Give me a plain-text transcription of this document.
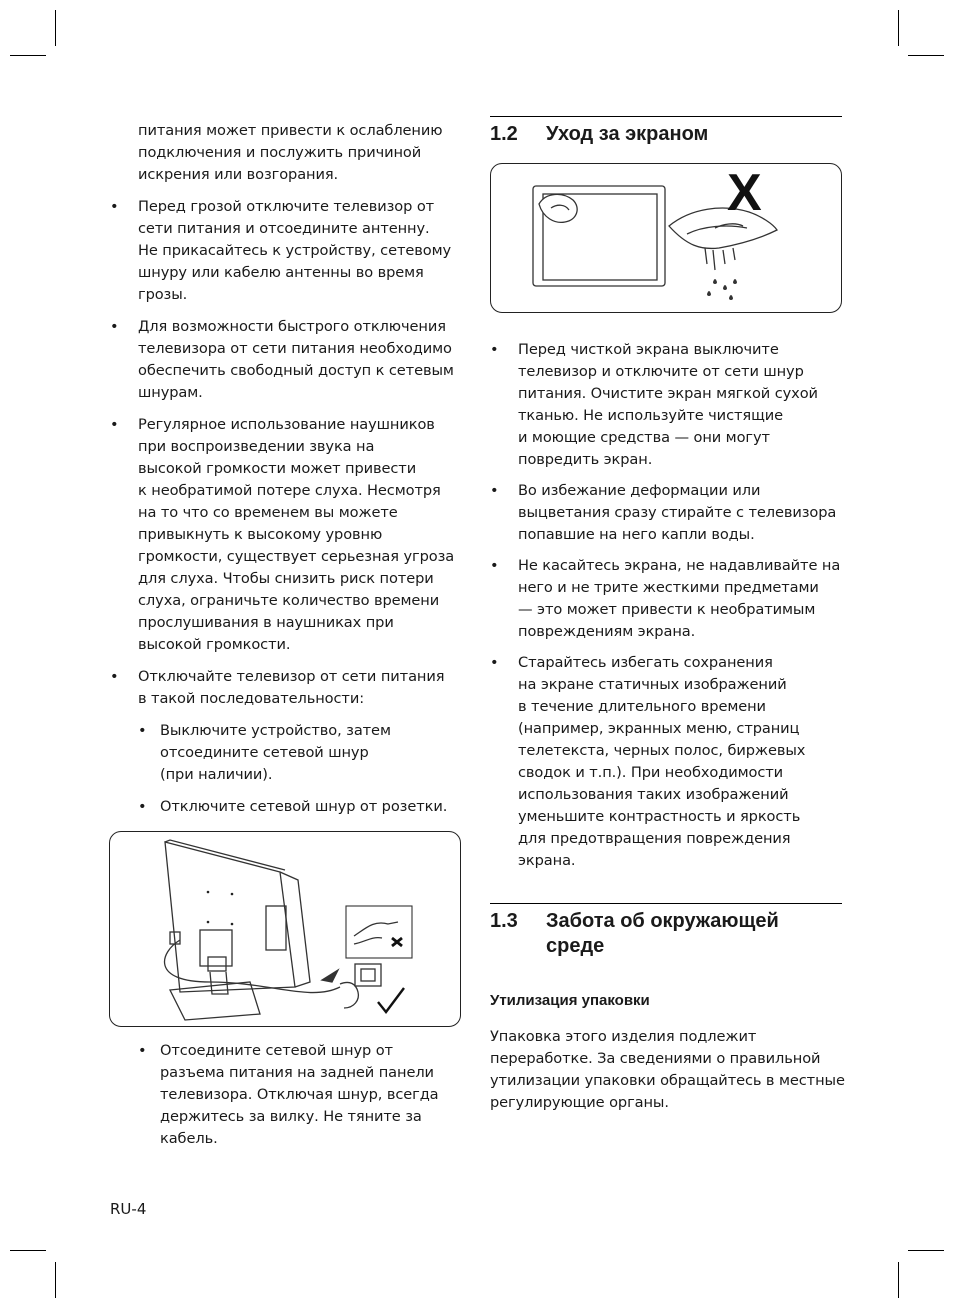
питания может привести к ослаблению
подключения и послужить причиной
искрения или возгорания.
• Перед грозой отключите телевизор от
сети питания и отсоедините антенну.
Не прикасайтесь к устройству, сетевому
шнуру или кабелю антенны во время
грозы.
• Для возможности быстрого отключения
телевизора от сети питания необходимо
обеспечить свободный доступ к сетевым
шнурам.
• Регулярное использование наушников
при воспроизведении звука на
высокой громкости может привести
к необратимой потере слуха. Несмотря
на то что со временем вы можете
привыкнуть к высокому уровню
громкости, существует серьезная угроза
для слуха. Чтобы снизить риск потери
слуха, ограничьте количество времени
прослушивания в наушниках при
высокой громкости.
• Отключайте телевизор от сети питания
в такой последовательности:
• Выключите устройство, затем
отсоедините сетевой шнур
(при наличии).
• Отключите сетевой шнур от розетки.
• Отсоедините сетевой шнур от
разъема питания на задней панели
телевизора. Отключая шнур, всегда
держитесь за вилку. Не тяните за
кабель.
1.2 Уход за экраном
X
• Перед чисткой экрана выключите
телевизор и отключите от сети шнур
питания. Очистите экран мягкой сухой
тканью. Не используйте чистящие
и моющие средства — они могут
повредить экран.
• Во избежание деформации или
выцветания сразу стирайте с телевизора
попавшие на него капли воды.
• Не касайтесь экрана, не надавливайте на
него и не трите жесткими предметами
— это может привести к необратимым
повреждениям экрана.
• Старайтесь избегать сохранения
на экране статичных изображений
в течение длительного времени
(например, экранных меню, страниц
телетекста, черных полос, биржевых
сводок и т.п.). При необходимости
использования таких изображений
уменьшите контрастность и яркость
для предотвращения повреждения
экрана.
1.3 Забота об окружающей
среде
Утилизация упаковки
Упаковка этого изделия подлежит
переработке. За сведениями о правильной
утилизации упаковки обращайтесь в местные
регулирующие органы.
RU-4
